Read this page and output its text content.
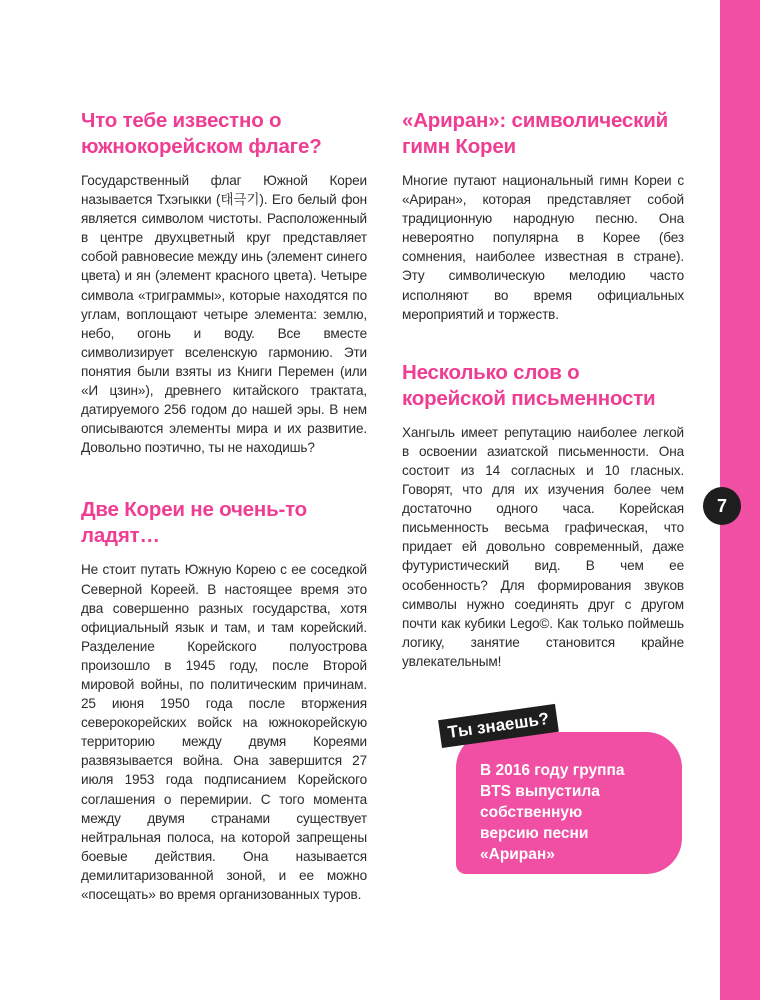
7
Что тебе известно о южнокорейском флаге?

Государственный флаг Южной Кореи называется Тхэгыкки (태극기). Его белый фон является символом чистоты. Расположенный в центре двухцветный круг представляет собой равновесие между инь (элемент синего цвета) и ян (элемент красного цвета). Четыре символа «триграммы», которые находятся по углам, воплощают четыре элемента: землю, небо, огонь и воду. Все вместе символизирует вселенскую гармонию. Эти понятия были взяты из Книги Перемен (или «И цзин»), древнего китайского трактата, датируемого 256 годом до нашей эры. В нем описываются элементы мира и их развитие. Довольно поэтично, ты не находишь?

Две Кореи не очень-то ладят…

Не стоит путать Южную Корею с ее соседкой Северной Кореей. В настоящее время это два совершенно разных государства, хотя официальный язык и там, и там корейский. Разделение Корейского полуострова произошло в 1945 году, после Второй мировой войны, по политическим причинам. 25 июня 1950 года после вторжения северокорейских войск на южнокорейскую территорию между двумя Кореями развязывается война. Она завершится 27 июля 1953 года подписанием Корейского соглашения о перемирии. С того момента между двумя странами существует нейтральная полоса, на которой запрещены боевые действия. Она называется демилитаризованной зоной, и ее можно «посещать» во время организованных туров.

«Ариран»: символический гимн Кореи

Многие путают национальный гимн Кореи с «Ариран», которая представляет собой традиционную народную песню. Она невероятно популярна в Корее (без сомнения, наиболее известная в стране). Эту символическую мелодию часто исполняют во время официальных мероприятий и торжеств.

Несколько слов о корейской письменности

Хангыль имеет репутацию наиболее легкой в освоении азиатской письменности. Она состоит из 14 согласных и 10 гласных. Говорят, что для их изучения более чем достаточно одного часа. Корейская письменность весьма графическая, что придает ей довольно современный, даже футуристический вид. В чем ее особенность? Для формирования звуков символы нужно соединять друг с другом почти как кубики Lego©. Как только поймешь логику, занятие становится крайне увлекательным!

В 2016 году группа BTS выпустила собственную версию песни «Ариран»
Ты знаешь?
